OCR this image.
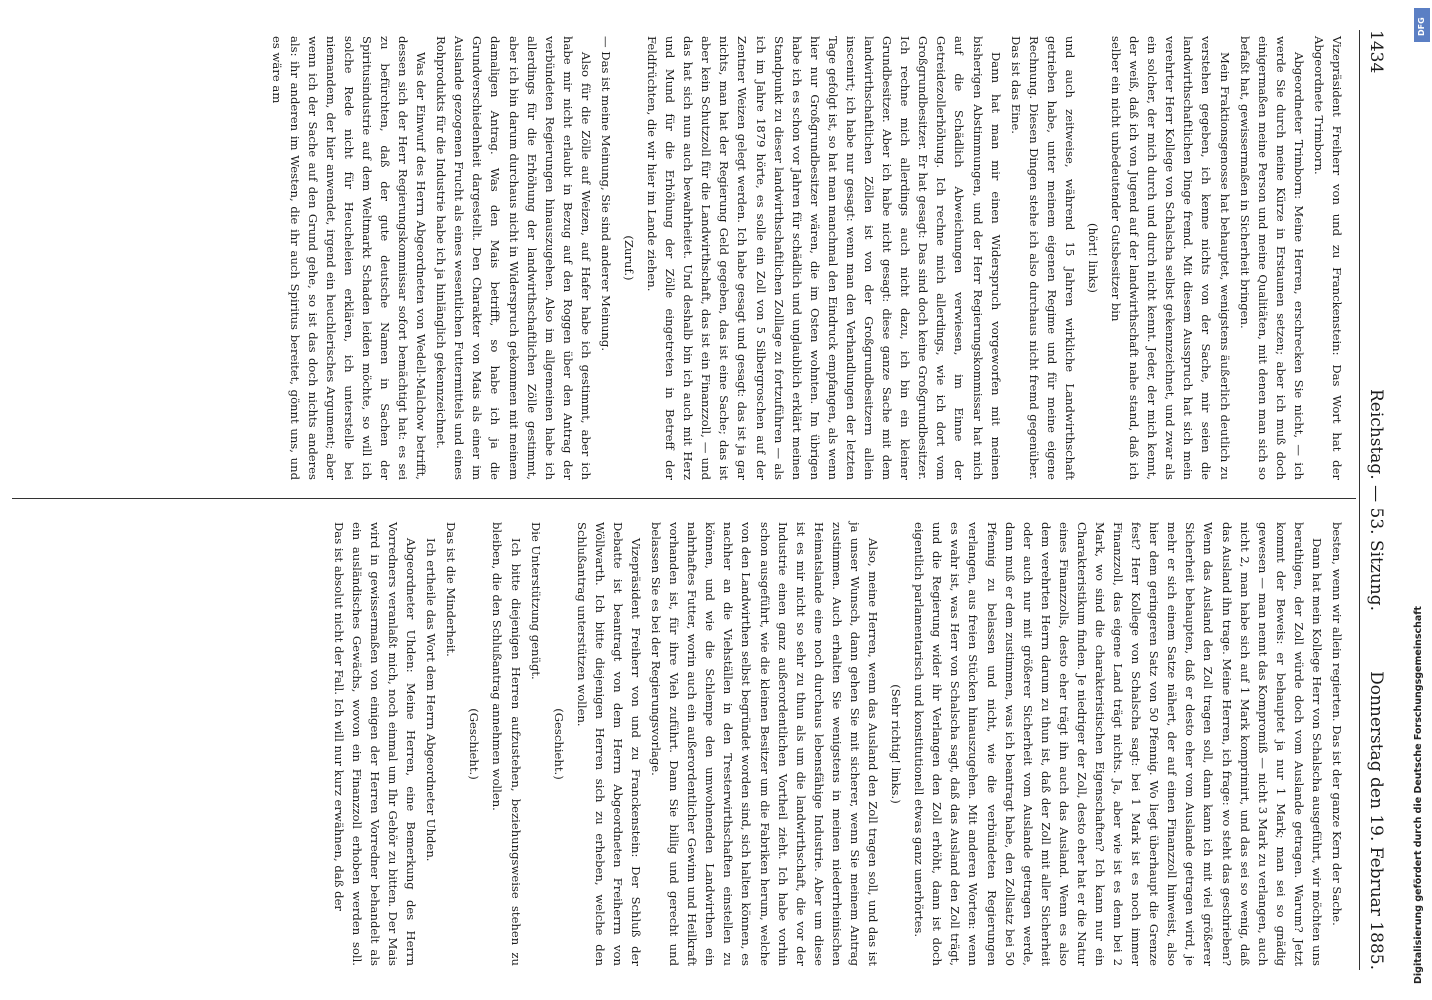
1434
Reichstag. — 53. Sitzung.
Donnerstag den 19. Februar 1885.

Vizepräsident Freiherr von und zu Franckenstein: Das Wort hat der Abgeordnete Trimborn.

Abgeordneter Trimborn: Meine Herren, erschrecken Sie nicht, — ich werde Sie durch meine Kürze in Erstaunen setzen; aber ich muß doch einigermaßen meine Person und meine Qualitäten, mit denen man sich so befaßt hat, gewissermaßen in Sicherheit bringen.

Mein Fraktionsgenosse hat behauptet, wenigstens äußerlich deutlich zu verstehen gegeben, ich kenne nichts von der Sache, mir seien die landwirthschaftlichen Dinge fremd. Mit diesem Ausspruch hat sich mein verehrter Herr Kollege von Schalscha selbst gekennzeichnet, und zwar als ein solcher, der mich durch und durch nicht kennt. Jeder, der mich kennt, der weiß, daß ich von Jugend auf der landwirthschaft nahe stand, daß ich selber ein nicht unbedeutender Gutsbesitzer bin

(hört! links)

und auch zeitweise, während 15 Jahren wirkliche Landwirthschaft getrieben habe, unter meinem eigenen Regime und für meine eigene Rechnung. Diesen Dingen stehe ich also durchaus nicht fremd gegenüber. Das ist das Eine.

Dann hat man mir einen Widerspruch vorgeworfen mit meinen bisherigen Abstimmungen, und der Herr Regierungskommissar hat mich auf die Schädlich Abweichungen verwiesen, im Einne der Getreidezollerhöhung. Ich rechne mich allerdings, wie ich dort vom Großgrundbesitzer. Er hat gesagt: Das sind doch keine Großgrundbesitzer. Ich rechne mich allerdings auch nicht dazu, ich bin ein kleiner Grundbesitzer. Aber ich habe nicht gesagt: diese ganze Sache mit dem landwirthschaftlichen Zöllen ist von der Großgrundbesitzern allein inscenirt; ich habe nur gesagt: wenn man den Verhandlungen der letzten Tage gefolgt ist, so hat man manchmal den Eindruck empfangen, als wenn hier nur Großgrundbesitzer wären, die im Osten wohnten. Im übrigen habe ich es schon vor Jahren für schädlich und unglaublich erklärt meinen Standpunkt zu dieser landwirthschaftlichen Zolllage zu fortzuführen — als ich im Jahre 1879 hörte, es solle ein Zoll von 5 Silbergroschen auf der Zentner Weizen gelegt werden. Ich habe gesagt und gesagt: das ist ja gar nichts, man hat der Regierung Geld gegeben, das ist eine Sache; das ist aber kein Schutzzoll für die Landwirthschaft, das ist ein Finanzzoll, — und das hat sich nun auch bewahrheitet. Und deshalb bin ich auch mit Herz und Mund für die Erhöhung der Zölle eingetreten in Betreff der Feldfrüchten, die wir hier im Lande ziehen.

(Zuruf.)

— Das ist meine Meinung, Sie sind anderer Meinung.

Also für die Zölle auf Weizen, auf Hafer habe ich gestimmt, aber ich habe mir nicht erlaubt in Bezug auf den Roggen über den Antrag der verbündeten Regierungen hinauszugehen. Also im allgemeinen habe ich allerdings für die Erhöhung der landwirthschaftlichen Zölle gestimmt, aber ich bin darum durchaus nicht in Widerspruch gekommen mit meinem damaligen Antrag. Was den Mais betrifft, so habe ich ja die Grundverschiedenheit dargestellt. Den Charakter von Mais als einer im Auslande gezogenen Frucht als eines wesentlichen Futtermittels und eines Rohprodukts für die Industrie habe ich ja hinlänglich gekennzeichnet.

Was der Einwurf des Herrn Abgeordneten von Wedell-Malchow betrifft, dessen sich der Herr Regierungskommissar sofort bemächtigt hat: es sei zu befürchten, daß der gute deutsche Namen in Sachen der Spiritusindustrie auf dem Weltmarkt Schaden leiden möchte, so will ich solche Rede nicht für Heucheleien erklären, ich unterstelle bei niemandem, der hier anwendet, irgend ein heuchlerisches Argument; aber wenn ich der Sache auf den Grund gehe, so ist das doch nichts anderes als: ihr anderen im Westen, die ihr auch Spiritus bereitet, gönnt uns, und es wäre am

besten, wenn wir allein regierten. Das ist der ganze Kern der Sache.

Dann hat mein Kollege Herr von Schalscha ausgeführt, wir möchten uns berathigen, der Zoll würde doch vom Auslande getragen. Warum? Jetzt kommt der Beweis: er behauptet ja nur 1 Mark; man sei so gnädig gewesen — man nennt das Kompromiß — nicht 3 Mark zu verlangen, auch nicht 2, man habe sich auf 1 Mark komprimirt, und das sei so wenig, daß das Ausland ihn trage. Meine Herren, ich frage: wo steht das geschrieben? Wenn das Ausland den Zoll tragen soll, dann kann ich mit viel größerer Sicherheit behaupten, daß er desto eher vom Auslande getragen wird, je mehr er sich einem Satze nähert, der auf einen Finanzzoll hinweist, also hier dem geringeren Satz von 50 Pfennig. Wo liegt überhaupt die Grenze fest? Herr Kollege von Schalscha sagt: bei 1 Mark ist es noch immer Finanzzoll, das eigene Land trägt nichts. Ja, aber wie ist es denn bei 2 Mark, wo sind die charakteristischen Eigenschaften? Ich kann nur ein Charakteristikum finden. Je niedriger der Zoll, desto eher hat er die Natur eines Finanzzolls, desto eher trägt ihn auch das Ausland. Wenn es also dem verehrten Herrn darum zu thun ist, daß der Zoll mit aller Sicherheit oder auch nur mit größerer Sicherheit vom Auslande getragen werde, dann muß er dem zustimmen, was ich beantragt habe, den Zollsatz bei 50 Pfennig zu belassen und nicht, wie die verbündeten Regierungen verlangen, aus freien Stücken hinauszugehen. Mit anderen Worten: wenn es wahr ist, was Herr von Schalscha sagt, daß das Ausland den Zoll trägt, und die Regierung wider ihr Verlangen den Zoll erhöht, dann ist doch eigentlich parlamentarisch und konstitutionell etwas ganz unerhörtes.

(Sehr richtig! links.)

Also, meine Herren, wenn das Ausland den Zoll tragen soll, und das ist ja unser Wunsch, dann gehen Sie mit sicherer, wenn Sie meinem Antrag zustimmen. Auch erhalten Sie wenigstens in meinen niederrheinischen Heimatslande eine noch durchaus lebensfähige Industrie. Aber um diese ist es mir nicht so sehr zu thun als um die landwirthschaft, die vor der Industrie einen ganz außerordentlichen Vortheil zieht. Ich habe vorhin schon ausgeführt, wie die kleinen Besitzer um die Fabriken herum, welche von den Landwirthen selbst begründet worden sind, sich halten können, es nachher an die Viehställen in den Tresterwirthschaften einstellen zu können, und wie die Schlempe den umwohnenden Landwirthen ein nahrhaftes Futter, worin auch ein außerordentlicher Gewinn und Heilkraft vorhanden ist, für ihre Vieh zuführt. Dann Sie billig und gerecht und belassen Sie es bei der Regierungsvorlage.

Vizepräsident Freiherr von und zu Franckenstein: Der Schluß der Debatte ist beantragt von dem Herrn Abgeordneten Freiherrn von Wöllwarth. Ich bitte diejenigen Herren sich zu erheben, welche den Schlußantrag unterstützen wollen.

(Geschieht.)

Die Unterstützung genügt.

Ich bitte diejenigen Herren aufzustehen, beziehungsweise stehen zu bleiben, die den Schlußantrag annehmen wollen.

(Geschieht.)

Das ist die Minderheit.

Ich ertheile das Wort dem Herrn Abgeordneter Uhden.

Abgeordneter Uhden: Meine Herren, eine Bemerkung des Herrn Vorredners veranlaßt mich, noch einmal um Ihr Gehör zu bitten. Der Mais wird in gewissermaßen von einigen der Herren Vorredner behandelt als ein ausländisches Gewächs, wovon ein Finanzzoll erhoben werden soll. Das ist absolut nicht der Fall. Ich will nur kurz erwähnen, daß der

DFG
Digitalisierung gefördert durch die Deutsche Forschungsgemeinschaft
